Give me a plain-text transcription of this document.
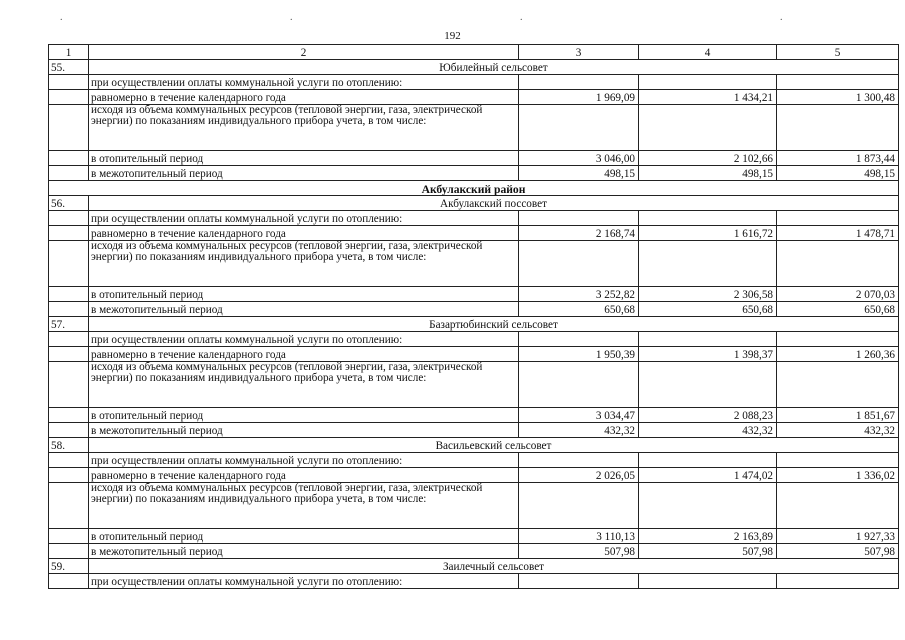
.	.	.	.
192
1	2	3	4	5
55.	Юбилейный сельсовет			
	при осуществлении оплаты коммунальной услуги по отоплению:			
	равномерно в течение календарного года	1 969,09	1 434,21	1 300,48
	исходя из объема коммунальных ресурсов (тепловой энергии, газа, электрической энергии) по показаниям индивидуального прибора учета, в том числе:			
	в отопительный период	3 046,00	2 102,66	1 873,44
	в межотопительный период	498,15	498,15	498,15
Акбулакский район				
56.	Акбулакский поссовет			
	при осуществлении оплаты коммунальной услуги по отоплению:			
	равномерно в течение календарного года	2 168,74	1 616,72	1 478,71
	исходя из объема коммунальных ресурсов (тепловой энергии, газа, электрической энергии) по показаниям индивидуального прибора учета, в том числе:			
	в отопительный период	3 252,82	2 306,58	2 070,03
	в межотопительный период	650,68	650,68	650,68
57.	Базартюбинский сельсовет			
	при осуществлении оплаты коммунальной услуги по отоплению:			
	равномерно в течение календарного года	1 950,39	1 398,37	1 260,36
	исходя из объема коммунальных ресурсов (тепловой энергии, газа, электрической энергии) по показаниям индивидуального прибора учета, в том числе:			
	в отопительный период	3 034,47	2 088,23	1 851,67
	в межотопительный период	432,32	432,32	432,32
58.	Васильевский сельсовет			
	при осуществлении оплаты коммунальной услуги по отоплению:			
	равномерно в течение календарного года	2 026,05	1 474,02	1 336,02
	исходя из объема коммунальных ресурсов (тепловой энергии, газа, электрической энергии) по показаниям индивидуального прибора учета, в том числе:			
	в отопительный период	3 110,13	2 163,89	1 927,33
	в межотопительный период	507,98	507,98	507,98
59.	Заилечный сельсовет			
	при осуществлении оплаты коммунальной услуги по отоплению:			
